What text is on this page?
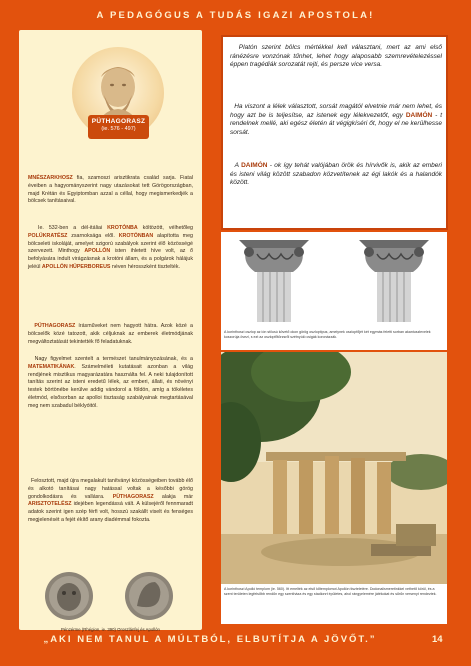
A PEDAGÓGUS A TUDÁS IGAZI APOSTOLA!
PÜTHAGORASZ
(ie. 576 - 497)
MNÉSZARKHOSZ fia, szamoszi arisztikrata család sarja. Fiatal éveiben a hagyományszerint nagy utazásokat tett Görögországban, majd Krétán és Egyiptomban azzal a céllal, hogy megismerkedjék a bölcsek tanításaival.
Ie. 532-ben a dél-itáliai KROTÓNBA költözött, vélhetőleg POLÜKRATÉSZ zsarnoksága elől. KROTÓNBAN alapította meg bölcseleti iskoláját, amelyet szigorú szabályok szerint élő közösségé szervezett. Minthogy APOLLÓN isten ihletett híve volt, az ő befolyására indult virágzásnak a krotóni állam, és a polgárok hálájuk jeléül APOLLÓN HÜPERBOREUS néven hérosszként tisztelték.
PÜTHAGORASZ írásműveket nem hagyott hátra. Azok közé a bölcselők közé tatozott, akik céljuknak az emberek életmódjának megváltoztatását tekintették fő feladatuknak.
Nagy figyelmet szentelt a természet tanulmányozásának, és a MATEMATIKÁNAK. Számelméleti kutatásait azonban a világ rendjének misztikus magyarázatára használta fel. A neki tulajdonított tanítás szerint az isteni eredetű lélek, az emberi, állati, és növényi testek börtönébe kerülve addig vándorol a földön, amíg a tökéletes életmód, elsősorban az apolloi tisztaság szabályainak megtartásával meg nem szabadul béklyóitól.
Felosztott, majd újra megalakult tanítványi közösségeiben tovább élő és alkotó tanításai nagy hatással voltak a későbbi görög gondolkodásra és vallásra. PÜTHAGORASZ alakja már ARISZTOTELÉSZ idejében legendássá vált. A külsejéről fennmaradt adatok szerint igen szép férfi volt, hosszú szakállt viselt és fenséges megjelenését a fejét ékítő arany diadémmal fokozta.
Pénzérme (Rhégion, ie. 390) Oroszlánfej és Apollón
Platón szerint bölcs mértékkel kell választani, mert az ami első ránézésre vonzónak tűnhet, lehet hogy alaposabb szemrevételezéssel éppen tragédiák sorozatát rejti, és persze vice versa.
Ha viszont a lélek választott, sorsát magától elvetnie már nem lehet, és hogy azt be is teljesítse, az istenek egy lélekvezetőt, egy DAIMÓN - t rendelnek mellé, aki egész életén át végigkíséri őt, hogy el ne kerülhesse sorsát.
A DAIMÓN - ok így tehát valójában örök és hírvivők is, akik az emberi és isteni világ között szabadon közvetítenek az égi lakók és a halandók között.
A korinthoszi oszlop az ión stílusú követő okon görög oszloptípus, amelynek oszlopfőjét két egymás feletti sorban akantuszlevelek koszorúja övezi, s ezt az oszlopfőtörzsről szétnyúló csigák koronázzák.
A korinthoszi Apolló templom (ie. 560). Itt emelték az első kőtemplomot Apollón tiszteletére. Dodonaiismeretinkkel vethető körül, és a szent területen legfelsőbb rendűn egy szentháza és egy stadionrt épületes, ahol rángyelemére játékokat és sűrűn versenyt rendeztek.
„AKI NEM TANUL A MÚLTBÓL, ELBUTÍTJA A JÖVŐT.”	14
